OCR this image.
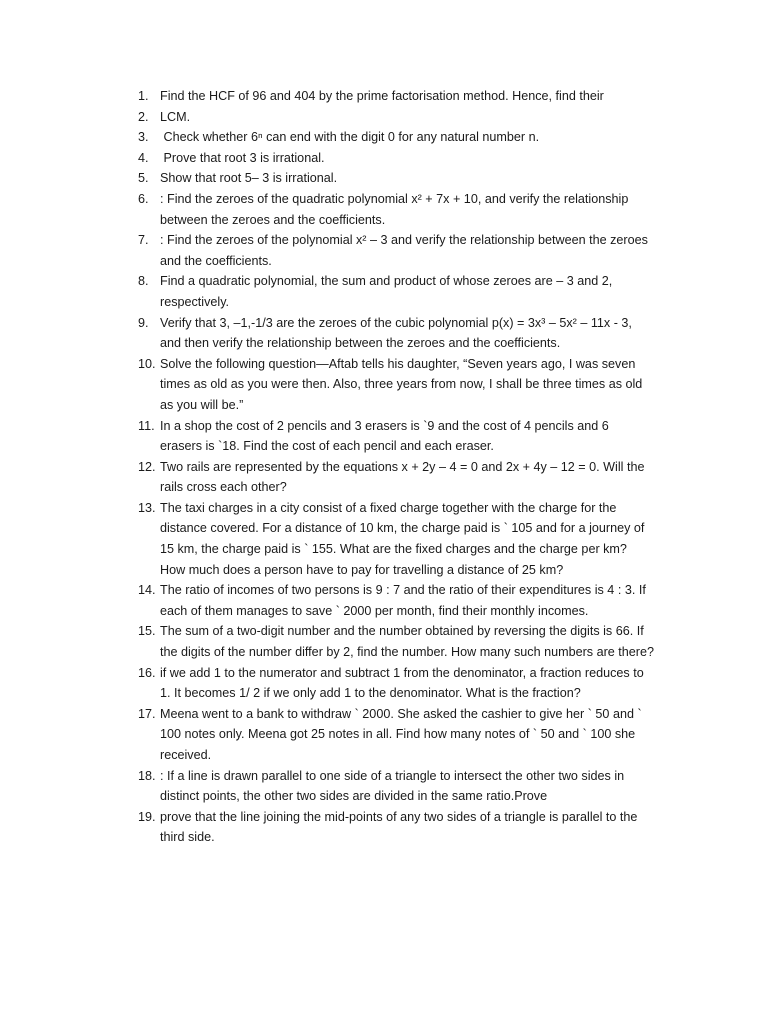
1. Find the HCF of 96 and 404 by the prime factorisation method. Hence, find their
2. LCM.
3. Check whether 6ⁿ can end with the digit 0 for any natural number n.
4. Prove that root 3 is irrational.
5. Show that root 5– 3 is irrational.
6. : Find the zeroes of the quadratic polynomial x² + 7x + 10, and verify the relationship between the zeroes and the coefficients.
7. : Find the zeroes of the polynomial x² – 3 and verify the relationship between the zeroes and the coefficients.
8. Find a quadratic polynomial, the sum and product of whose zeroes are – 3 and 2, respectively.
9. Verify that 3, –1,-1/3 are the zeroes of the cubic polynomial p(x) = 3x³ – 5x² – 11x - 3, and then verify the relationship between the zeroes and the coefficients.
10. Solve the following question—Aftab tells his daughter, “Seven years ago, I was seven times as old as you were then. Also, three years from now, I shall be three times as old as you will be.”
11. In a shop the cost of 2 pencils and 3 erasers is `9 and the cost of 4 pencils and 6 erasers is `18. Find the cost of each pencil and each eraser.
12. Two rails are represented by the equations x + 2y – 4 = 0 and 2x + 4y – 12 = 0. Will the rails cross each other?
13. The taxi charges in a city consist of a fixed charge together with the charge for the distance covered. For a distance of 10 km, the charge paid is ` 105 and for a journey of 15 km, the charge paid is ` 155. What are the fixed charges and the charge per km? How much does a person have to pay for travelling a distance of 25 km?
14. The ratio of incomes of two persons is 9 : 7 and the ratio of their expenditures is 4 : 3. If each of them manages to save ` 2000 per month, find their monthly incomes.
15. The sum of a two-digit number and the number obtained by reversing the digits is 66. If the digits of the number differ by 2, find the number. How many such numbers are there?
16. if we add 1 to the numerator and subtract 1 from the denominator, a fraction reduces to 1. It becomes 1/ 2 if we only add 1 to the denominator. What is the fraction?
17. Meena went to a bank to withdraw ` 2000. She asked the cashier to give her ` 50 and ` 100 notes only. Meena got 25 notes in all. Find how many notes of ` 50 and ` 100 she received.
18. : If a line is drawn parallel to one side of a triangle to intersect the other two sides in distinct points, the other two sides are divided in the same ratio.Prove
19. prove that the line joining the mid-points of any two sides of a triangle is parallel to the third side.
